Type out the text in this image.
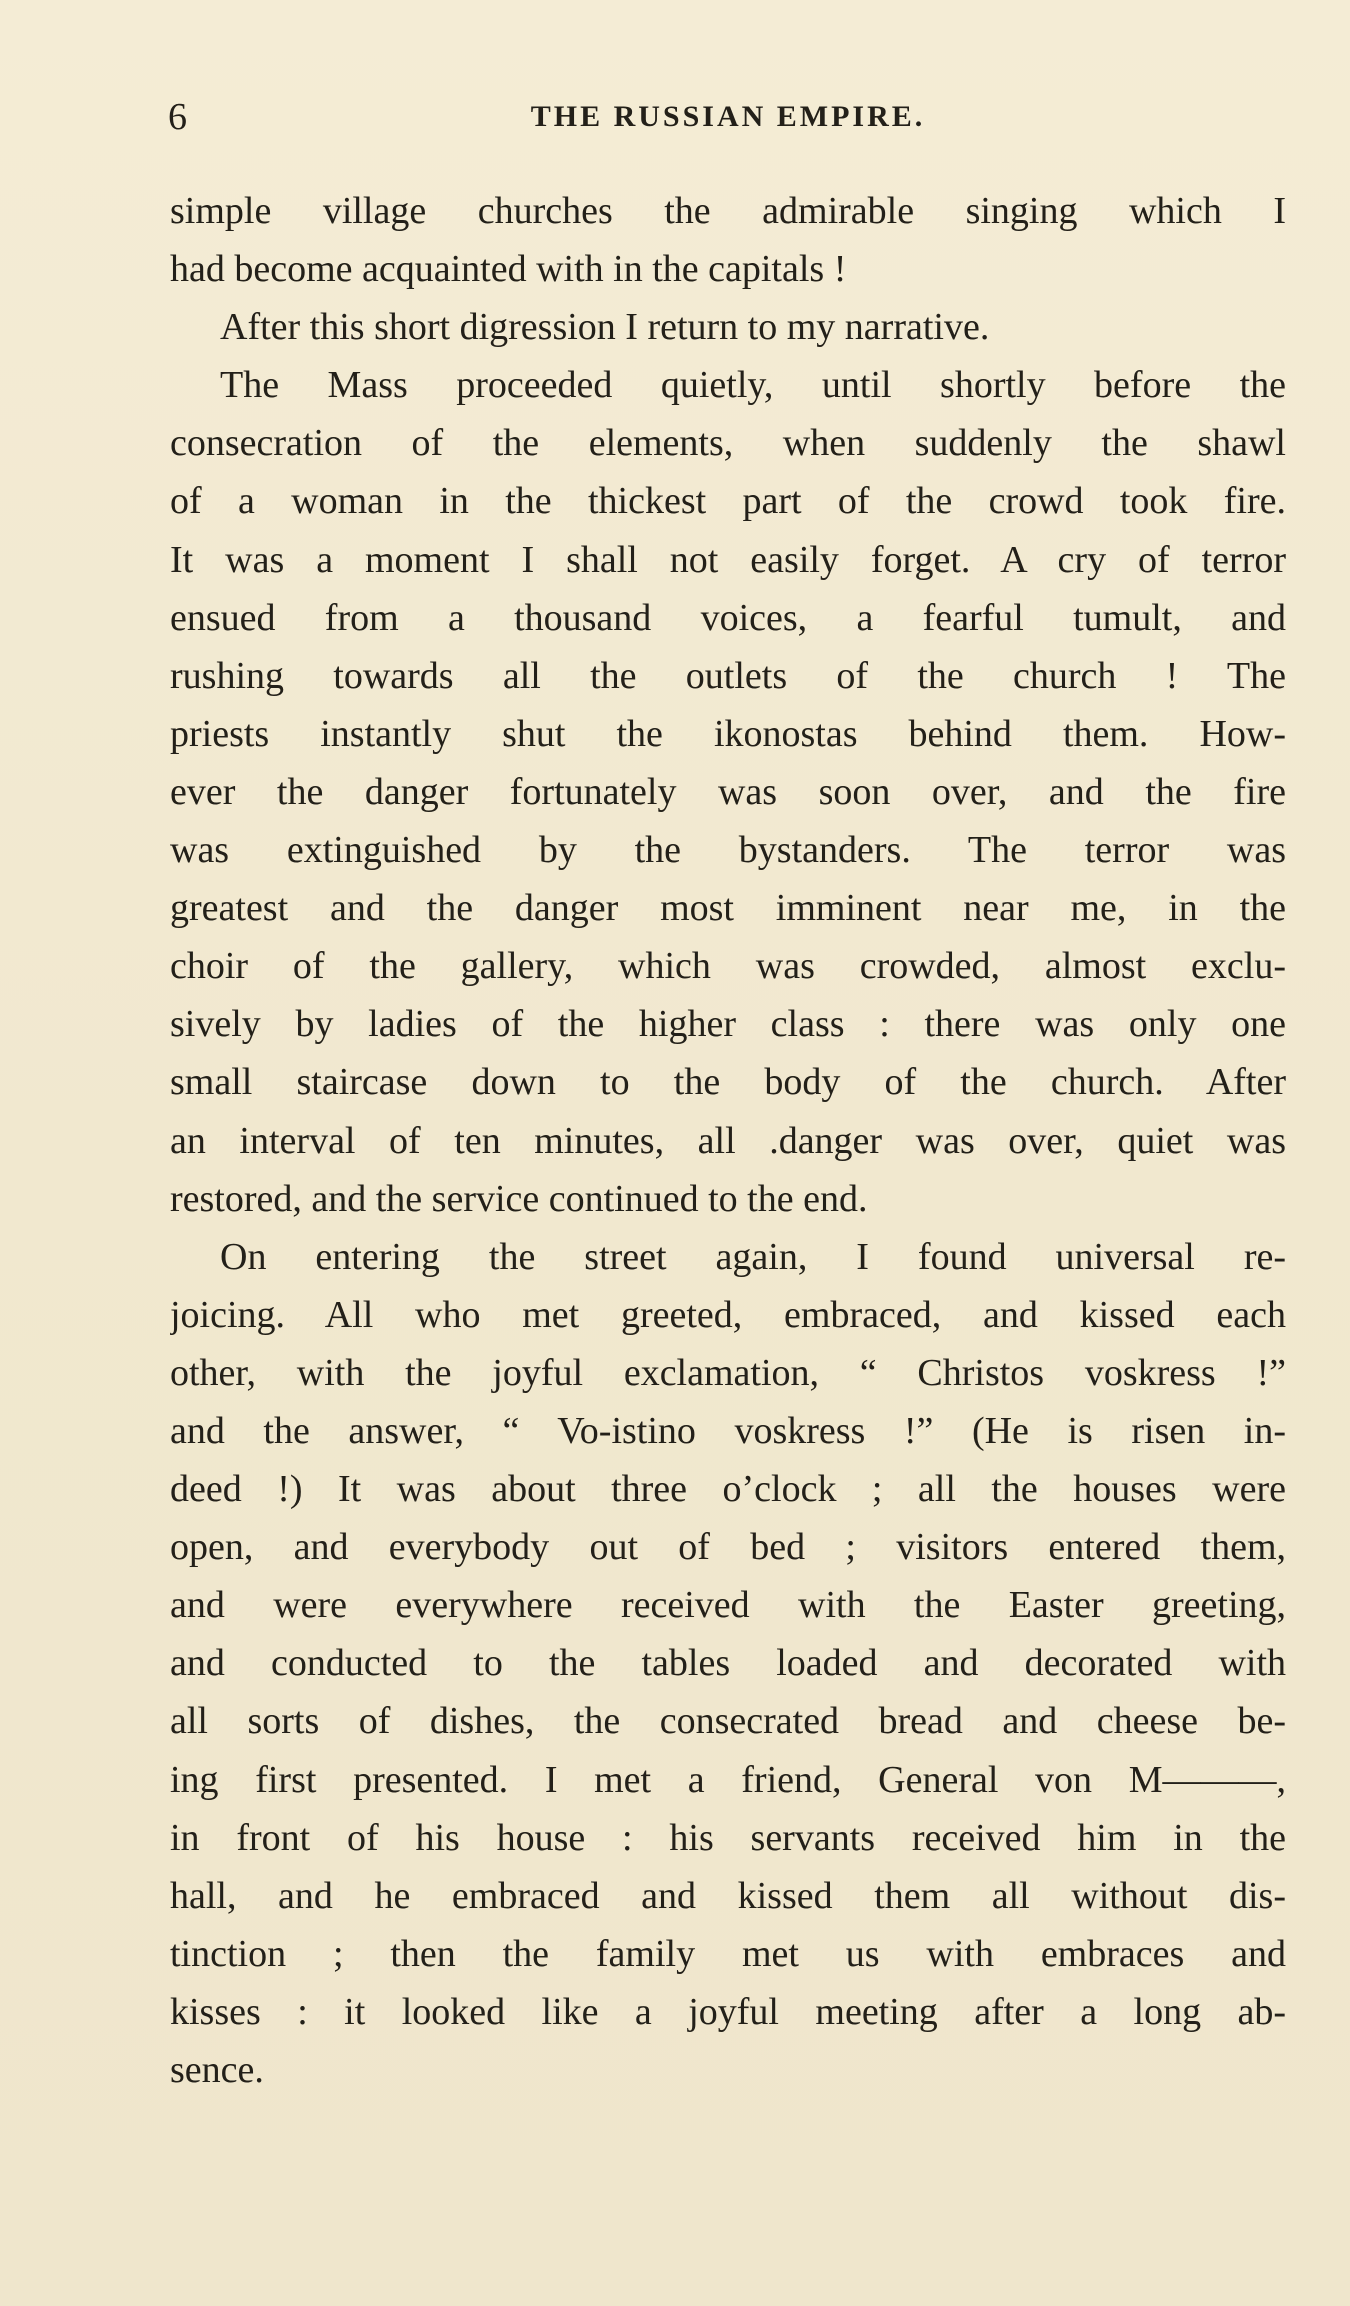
6	THE RUSSIAN EMPIRE.
simple village churches the admirable singing which I
had become acquainted with in the capitals !
After this short digression I return to my narrative.
The Mass proceeded quietly, until shortly before the
consecration of the elements, when suddenly the shawl
of a woman in the thickest part of the crowd took fire.
It was a moment I shall not easily forget. A cry of terror
ensued from a thousand voices, a fearful tumult, and
rushing towards all the outlets of the church ! The
priests instantly shut the ikonostas behind them. How-
ever the danger fortunately was soon over, and the fire
was extinguished by the bystanders. The terror was
greatest and the danger most imminent near me, in the
choir of the gallery, which was crowded, almost exclu-
sively by ladies of the higher class : there was only one
small staircase down to the body of the church. After
an interval of ten minutes, all .danger was over, quiet was
restored, and the service continued to the end.
On entering the street again, I found universal re-
joicing. All who met greeted, embraced, and kissed each
other, with the joyful exclamation, “ Christos voskress !”
and the answer, “ Vo-istino voskress !” (He is risen in-
deed !) It was about three o’clock ; all the houses were
open, and everybody out of bed ; visitors entered them,
and were everywhere received with the Easter greeting,
and conducted to the tables loaded and decorated with
all sorts of dishes, the consecrated bread and cheese be-
ing first presented. I met a friend, General von M———,
in front of his house : his servants received him in the
hall, and he embraced and kissed them all without dis-
tinction ; then the family met us with embraces and
kisses : it looked like a joyful meeting after a long ab-
sence.
